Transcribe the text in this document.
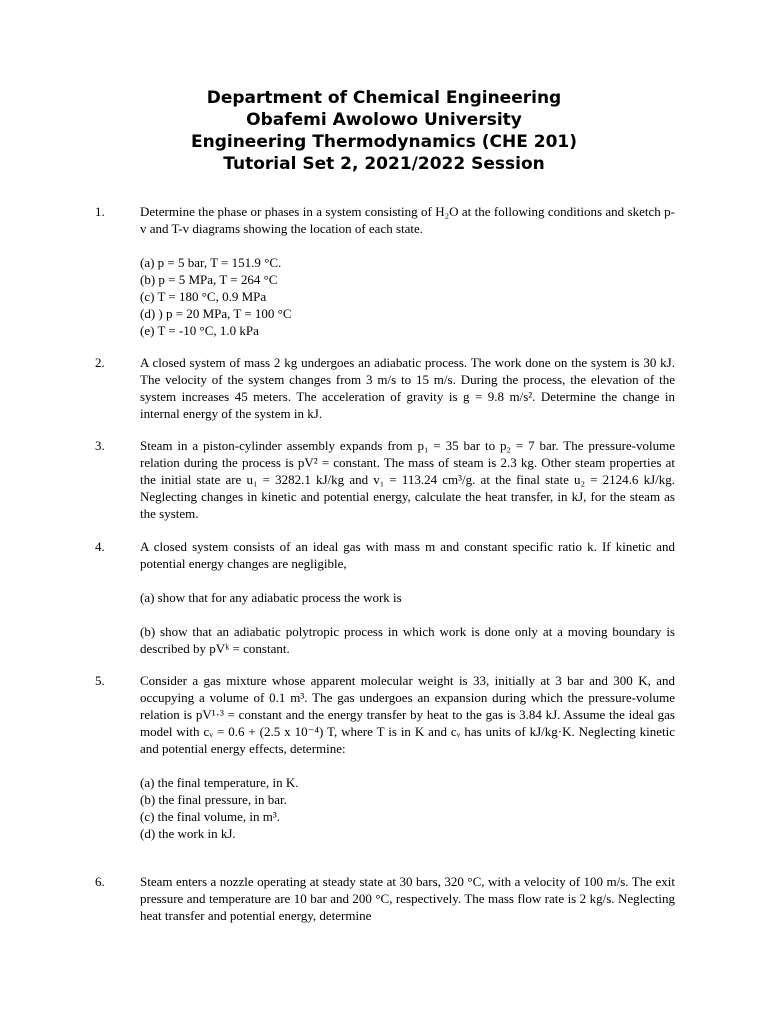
Department of Chemical Engineering
Obafemi Awolowo University
Engineering Thermodynamics (CHE 201)
Tutorial Set 2, 2021/2022 Session
1.	Determine the phase or phases in a system consisting of H₂O at the following conditions and sketch p-v and T-v diagrams showing the location of each state.

(a) p = 5 bar, T = 151.9 °C.
(b) p = 5 MPa, T = 264 °C
(c) T = 180 °C, 0.9 MPa
(d) ) p = 20 MPa, T = 100 °C
(e) T = -10 °C, 1.0 kPa
2.	A closed system of mass 2 kg undergoes an adiabatic process. The work done on the system is 30 kJ. The velocity of the system changes from 3 m/s to 15 m/s. During the process, the elevation of the system increases 45 meters. The acceleration of gravity is g = 9.8 m/s². Determine the change in internal energy of the system in kJ.

3.	Steam in a piston-cylinder assembly expands from p₁ = 35 bar to p₂ = 7 bar. The pressure-volume relation during the process is pV² = constant. The mass of steam is 2.3 kg. Other steam properties at the initial state are u₁ = 3282.1 kJ/kg and v₁ = 113.24 cm³/g. at the final state u₂ = 2124.6 kJ/kg. Neglecting changes in kinetic and potential energy, calculate the heat transfer, in kJ, for the steam as the system.

4.	A closed system consists of an ideal gas with mass m and constant specific ratio k. If kinetic and potential energy changes are negligible,

(a) show that for any adiabatic process the work is

(b) show that an adiabatic polytropic process in which work is done only at a moving boundary is described by pVᵏ = constant.

5.	Consider a gas mixture whose apparent molecular weight is 33, initially at 3 bar and 300 K, and occupying a volume of 0.1 m³. The gas undergoes an expansion during which the pressure-volume relation is pV¹·³ = constant and the energy transfer by heat to the gas is 3.84 kJ. Assume the ideal gas model with cᵥ = 0.6 + (2.5 x 10⁻⁴) T, where T is in K and cᵥ has units of kJ/kg·K. Neglecting kinetic and potential energy effects, determine:

(a) the final temperature, in K.
(b) the final pressure, in bar.
(c) the final volume, in m³.
(d) the work in kJ.
6.	Steam enters a nozzle operating at steady state at 30 bars, 320 °C, with a velocity of 100 m/s. The exit pressure and temperature are 10 bar and 200 °C, respectively. The mass flow rate is 2 kg/s. Neglecting heat transfer and potential energy, determine
